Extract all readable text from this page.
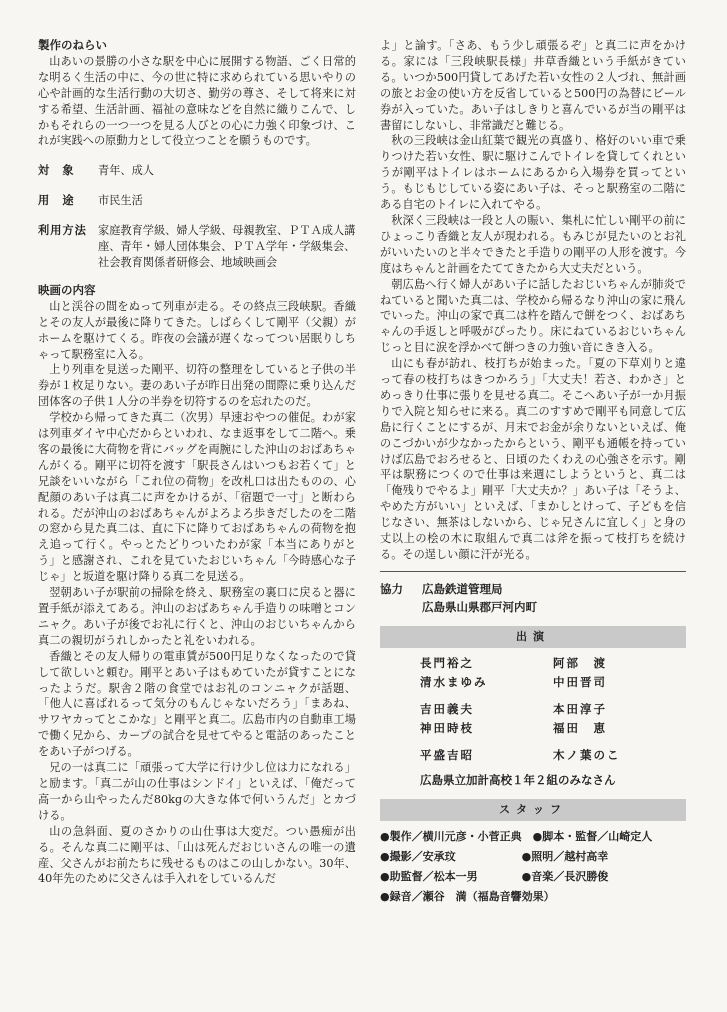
製作のねらい

山あいの景勝の小さな駅を中心に展開する物語、ごく日常的な明るく生活の中に、今の世に特に求められている思いやりの心や計画的な生活行動の大切さ、勤労の尊さ、そして将来に対する希望、生活計画、福祉の意味などを自然に織りこんで、しかもそれらの一つ一つを見る人びとの心に力強く印象づけ、これが実践への原動力として役立つことを願うものです。

対　象	青年、成人
用　途	市民生活
利用方法	家庭教育学級、婦人学級、母親教室、ＰＴＡ成人講座、青年・婦人団体集会、ＰＴＡ学年・学級集会、社会教育関係者研修会、地域映画会
映画の内容

山と渓谷の間をぬって列車が走る。その終点三段峡駅。香織とその友人が最後に降りてきた。しばらくして剛平（父親）がホームを駆けてくる。昨夜の会議が遅くなってつい居眠りしちゃって駅務室に入る。

上り列車を見送った剛平、切符の整理をしていると子供の半券が１枚足りない。妻のあい子が昨日出発の間際に乗り込んだ団体客の子供１人分の半券を切符するのを忘れたのだ。

学校から帰ってきた真二（次男）早速おやつの催促。わが家は列車ダイヤ中心だからといわれ、なま返事をして二階へ。乗客の最後に大荷物を背にバッグを両腕にした沖山のおばあちゃんがくる。剛平に切符を渡す「駅長さんはいつもお若くて」と兄談をいいながら「これ位の荷物」を改札口は出たものの、心配顔のあい子は真二に声をかけるが、「宿題で一寸」と断わられる。だが沖山のおばあちゃんがよろよろ歩きだしたのを二階の窓から見た真二は、直に下に降りておばあちゃんの荷物を抱え追って行く。やっとたどりついたわが家「本当にありがとう」と感謝され、これを見ていたおじいちゃん「今時感心な子じゃ」と坂道を駆け降りる真二を見送る。

翌朝あい子が駅前の掃除を終え、駅務室の裏口に戻ると器に置手紙が添えてある。沖山のおばあちゃん手造りの味噌とコンニャク。あい子が後でお礼に行くと、沖山のおじいちゃんから真二の親切がうれしかったと礼をいわれる。

香織とその友人帰りの電車賃が500円足りなくなったので貸して欲しいと頼む。剛平とあい子はもめていたが貸すことになったようだ。駅舎２階の食堂ではお礼のコンニャクが話題、「他人に喜ばれるって気分のもんじゃないだろう」「まあね、サワヤカってとこかな」と剛平と真二。広島市内の自動車工場で働く兄から、カープの試合を見せてやると電話のあったことをあい子がつげる。

兄の一は真二に「頑張って大学に行け少し位は力になれる」と励ます。「真二が山の仕事はシンドイ」といえば、「俺だって高一から山やったんだ80kgの大きな体で何いうんだ」とカづける。

山の急斜面、夏のさかりの山仕事は大変だ。つい愚痴が出る。そんな真二に剛平は、「山は死んだおじいさんの唯一の遺産、父さんがお前たちに残せるものはこの山しかない。30年、40年先のために父さんは手入れをしているんだ

よ」と論す。「さあ、もう少し頑張るぞ」と真二に声をかける。家には「三段峡駅長様」井草香織という手紙がきている。いつか500円貸してあげた若い女性の２人づれ、無計画の旅とお金の使い方を反省していると500円の為替にビール券が入っていた。あい子はしきりと喜んでいるが当の剛平は書留にしないし、非常識だと難じる。

秋の三段峡は金山紅葉で観光の真盛り、格好のいい車で乗りつけた若い女性、駅に駆けこんでトイレを貸してくれというが剛平はトイレはホームにあるから入場券を買ってという。もじもじしている姿にあい子は、そっと駅務室の二階にある自宅のトイレに入れてやる。

秋深く三段峡は一段と人の賑い、集札に忙しい剛平の前にひょっこり香織と友人が現われる。もみじが見たいのとお礼がいいたいのと半々できたと手造りの剛平の人形を渡す。今度はちゃんと計画をたててきたから大丈夫だという。

朝広島へ行く婦人があい子に話したおじいちゃんが肺炎でねていると聞いた真二は、学校から帰るなり沖山の家に飛んでいった。沖山の家で真二は杵を踏んで餅をつく、おばあちゃんの手返しと呼吸がぴったり。床にねているおじいちゃんじっと目に涙を浮かべて餅つきの力強い音にきき入る。

山にも春が訪れ、枝打ちが始まった。「夏の下草刈りと違って春の枝打ちはきつかろう」「大丈夫！若さ、わかさ」とめっきり仕事に張りを見せる真二。そこへあい子が一か月振りで入院と知らせに来る。真二のすすめで剛平も同意して広島に行くことにするが、月末でお金が余りないといえば、俺のこづかいが少なかったからという、剛平も通帳を持っていけば広島でおろせると、日頃のたくわえの心強さを示す。剛平は駅務につくので仕事は来週にしようというと、真二は「俺残りでやるよ」剛平「大丈夫か？」あい子は「そうよ、やめた方がいい」といえば、「まかしとけって、子どもを信じなさい、無茶はしないから、じゃ兄さんに宜しく」と身の丈以上の桧の木に取組んで真二は斧を振って枝打ちを続ける。その逞しい顔に汗が光る。

協力	広島鉄道管理局
広島県山県郡戸河内町
出演
長門裕之	阿部　渡
清水まゆみ	中田晋司
吉田義夫	本田淳子
神田時枝	福田　恵
平盛吉昭	木ノ葉のこ
広島県立加計高校１年２組のみなさん
スタッフ
●製作／横川元彦・小菅正典　●脚本・監督／山崎定人
●撮影／安承玟　　　　　　●照明／越村高幸
●助監督／松本一男　　　　●音楽／長沢勝俊
●録音／瀬谷　満（福島音響効果）
